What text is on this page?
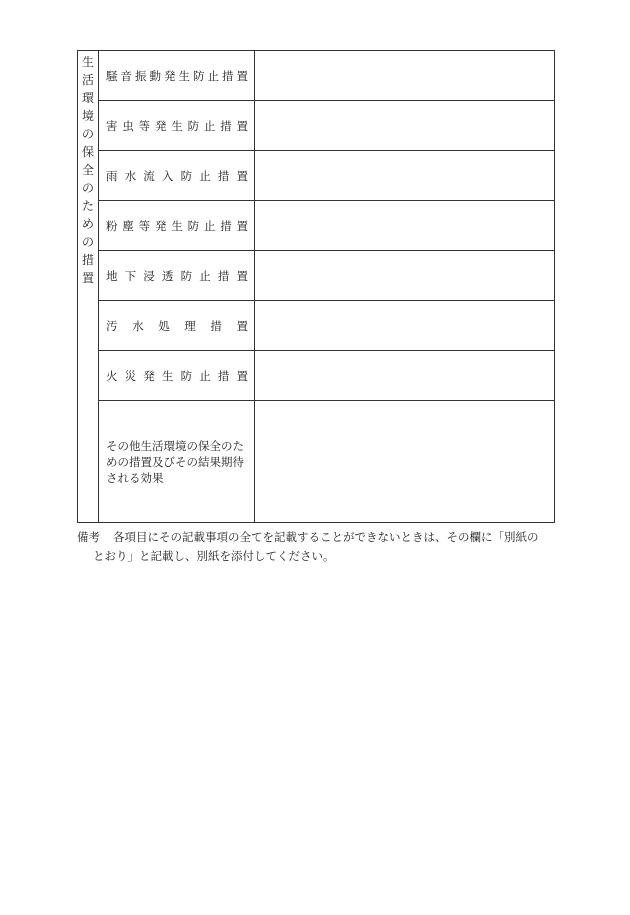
生
活
環
境
の
保
全
の
た
め
の
措
置
騒 音 振 動 発 生 防 止 措 置
害 虫 等 発 生 防 止 措 置
雨 水 流 入 防 止 措 置
粉 塵 等 発 生 防 止 措 置
地 下 浸 透 防 止 措 置
汚 水 処 理 措 置
火 災 発 生 防 止 措 置
その他生活環境の保全のた
めの措置及びその結果期待
される効果
備考 各項目にその記載事項の全てを記載することができないときは、その欄に「別紙の
とおり」と記載し、別紙を添付してください。
